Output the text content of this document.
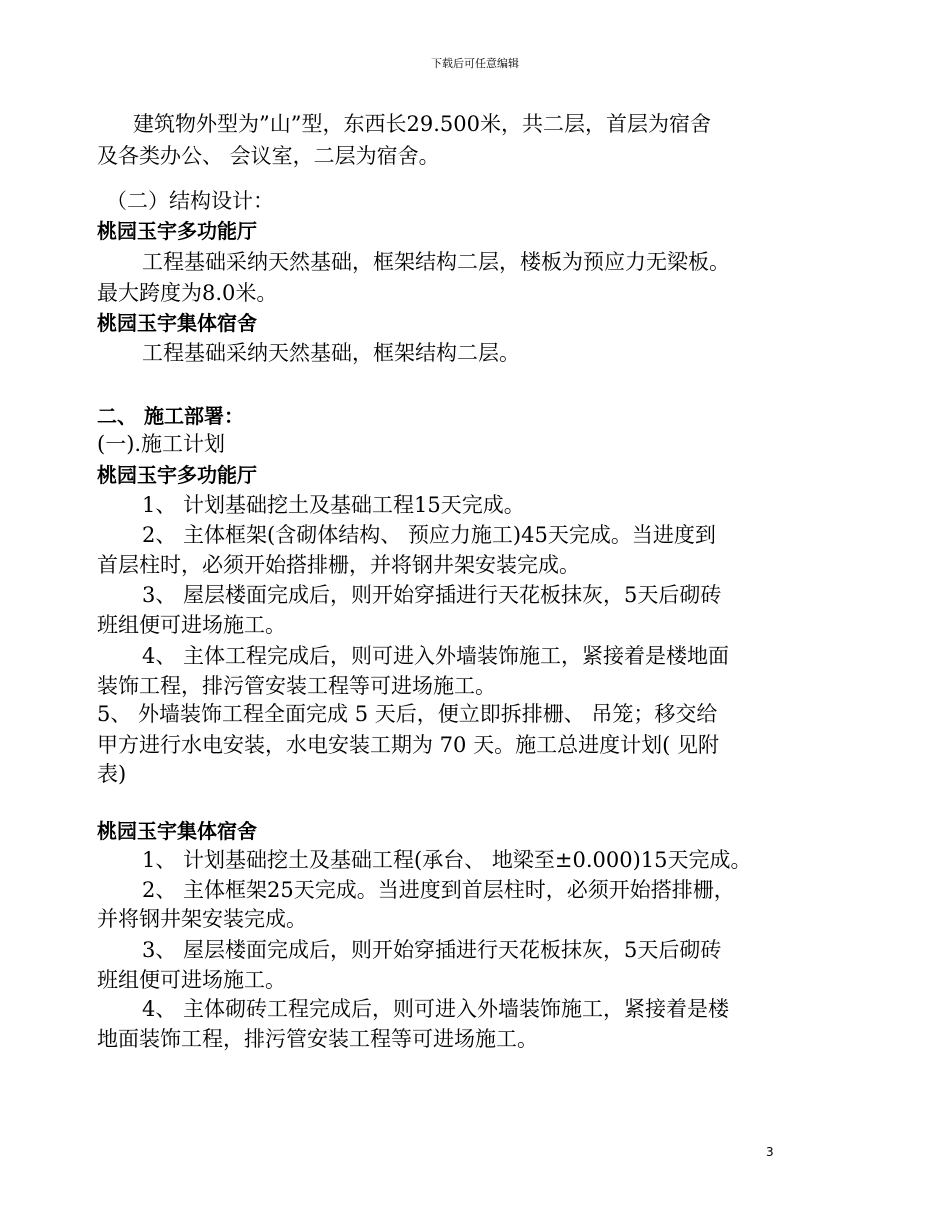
下载后可任意编辑
建筑物外型为”山”型，东西长29.500米，共二层，首层为宿舍
及各类办公、 会议室，二层为宿舍。
（二）结构设计：
桃园玉宇多功能厅
工程基础采纳天然基础，框架结构二层，楼板为预应力无梁板。
最大跨度为8.0米。
桃园玉宇集体宿舍
工程基础采纳天然基础，框架结构二层。
二、 施工部署：
(一).施工计划
桃园玉宇多功能厅
1、 计划基础挖土及基础工程15天完成。
2、 主体框架(含砌体结构、 预应力施工)45天完成。当进度到
首层柱时，必须开始搭排栅，并将钢井架安装完成。
3、 屋层楼面完成后，则开始穿插进行天花板抹灰，5天后砌砖
班组便可进场施工。
4、 主体工程完成后，则可进入外墙装饰施工，紧接着是楼地面
装饰工程，排污管安装工程等可进场施工。
5、 外墙装饰工程全面完成 5 天后，便立即拆排栅、 吊笼；移交给
甲方进行水电安装，水电安装工期为 70 天。施工总进度计划( 见附
表)
桃园玉宇集体宿舍
1、 计划基础挖土及基础工程(承台、 地梁至±0.000)15天完成。
2、 主体框架25天完成。当进度到首层柱时，必须开始搭排栅，
并将钢井架安装完成。
3、 屋层楼面完成后，则开始穿插进行天花板抹灰，5天后砌砖
班组便可进场施工。
4、 主体砌砖工程完成后，则可进入外墙装饰施工，紧接着是楼
地面装饰工程，排污管安装工程等可进场施工。
3
